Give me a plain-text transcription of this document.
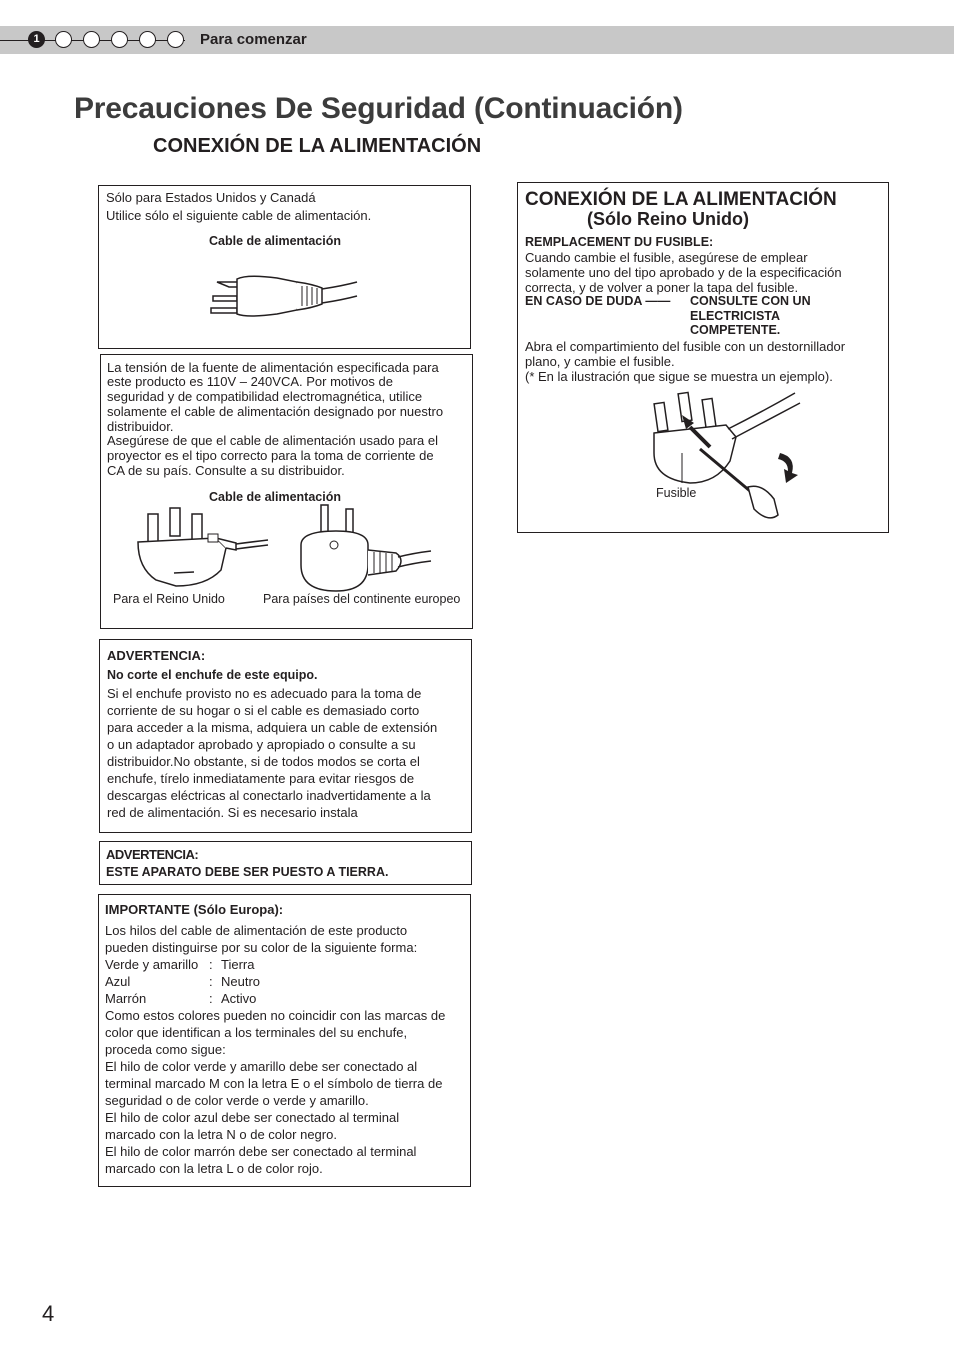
1	Para comenzar
Precauciones De Seguridad (Continuación)
CONEXIÓN DE LA ALIMENTACIÓN
Sólo para Estados Unidos y Canadá
Utilice sólo el siguiente cable de alimentación.
Cable de alimentación
La tensión de la fuente de alimentación especificada para
este producto es 110V – 240VCA. Por motivos de
seguridad y de compatibilidad electromagnética, utilice
solamente el cable de alimentación designado por nuestro
distribuidor.
Asegúrese de que el cable de alimentación usado para el
proyector es el tipo correcto para la toma de corriente de
CA de su país. Consulte a su distribuidor.
Cable de alimentación
Para el Reino Unido	Para países del continente europeo
ADVERTENCIA:
No corte el enchufe de este equipo.
Si el enchufe provisto no es adecuado para la toma de
corriente de su hogar o si el cable es demasiado corto
para acceder a la misma, adquiera un cable de extensión
o un adaptador aprobado y apropiado o consulte a su
distribuidor.No obstante, si de todos modos se corta el
enchufe, tírelo inmediatamente para evitar riesgos de
descargas eléctricas al conectarlo inadvertidamente a la
red de alimentación. Si es necesario instala
ADVERTENCIA:
ESTE APARATO DEBE SER PUESTO A TIERRA.
IMPORTANTE (Sólo Europa):
Los hilos del cable de alimentación de este producto
pueden distinguirse por su color de la siguiente forma:
Verde y amarillo : Tierra
Azul	: Neutro
Marrón	: Activo
Como estos colores pueden no coincidir con las marcas de
color que identifican a los terminales del su enchufe,
proceda como sigue:
El hilo de color verde y amarillo debe ser conectado al
terminal marcado M con la letra E o el símbolo de tierra de
seguridad o de color verde o verde y amarillo.
El hilo de color azul debe ser conectado al terminal
marcado con la letra N o de color negro.
El hilo de color marrón debe ser conectado al terminal
marcado con la letra L o de color rojo.
CONEXIÓN DE LA ALIMENTACIÓN
(Sólo Reino Unido)
REMPLACEMENT DU FUSIBLE:
Cuando cambie el fusible, asegúrese de emplear
solamente uno del tipo aprobado y de la especificación
correcta, y de volver a poner la tapa del fusible.
EN CASO DE DUDA —— CONSULTE CON UN
ELECTRICISTA
COMPETENTE.
Abra el compartimiento del fusible con un destornillador
plano, y cambie el fusible.
(* En la ilustración que sigue se muestra un ejemplo).
Fusible
4
